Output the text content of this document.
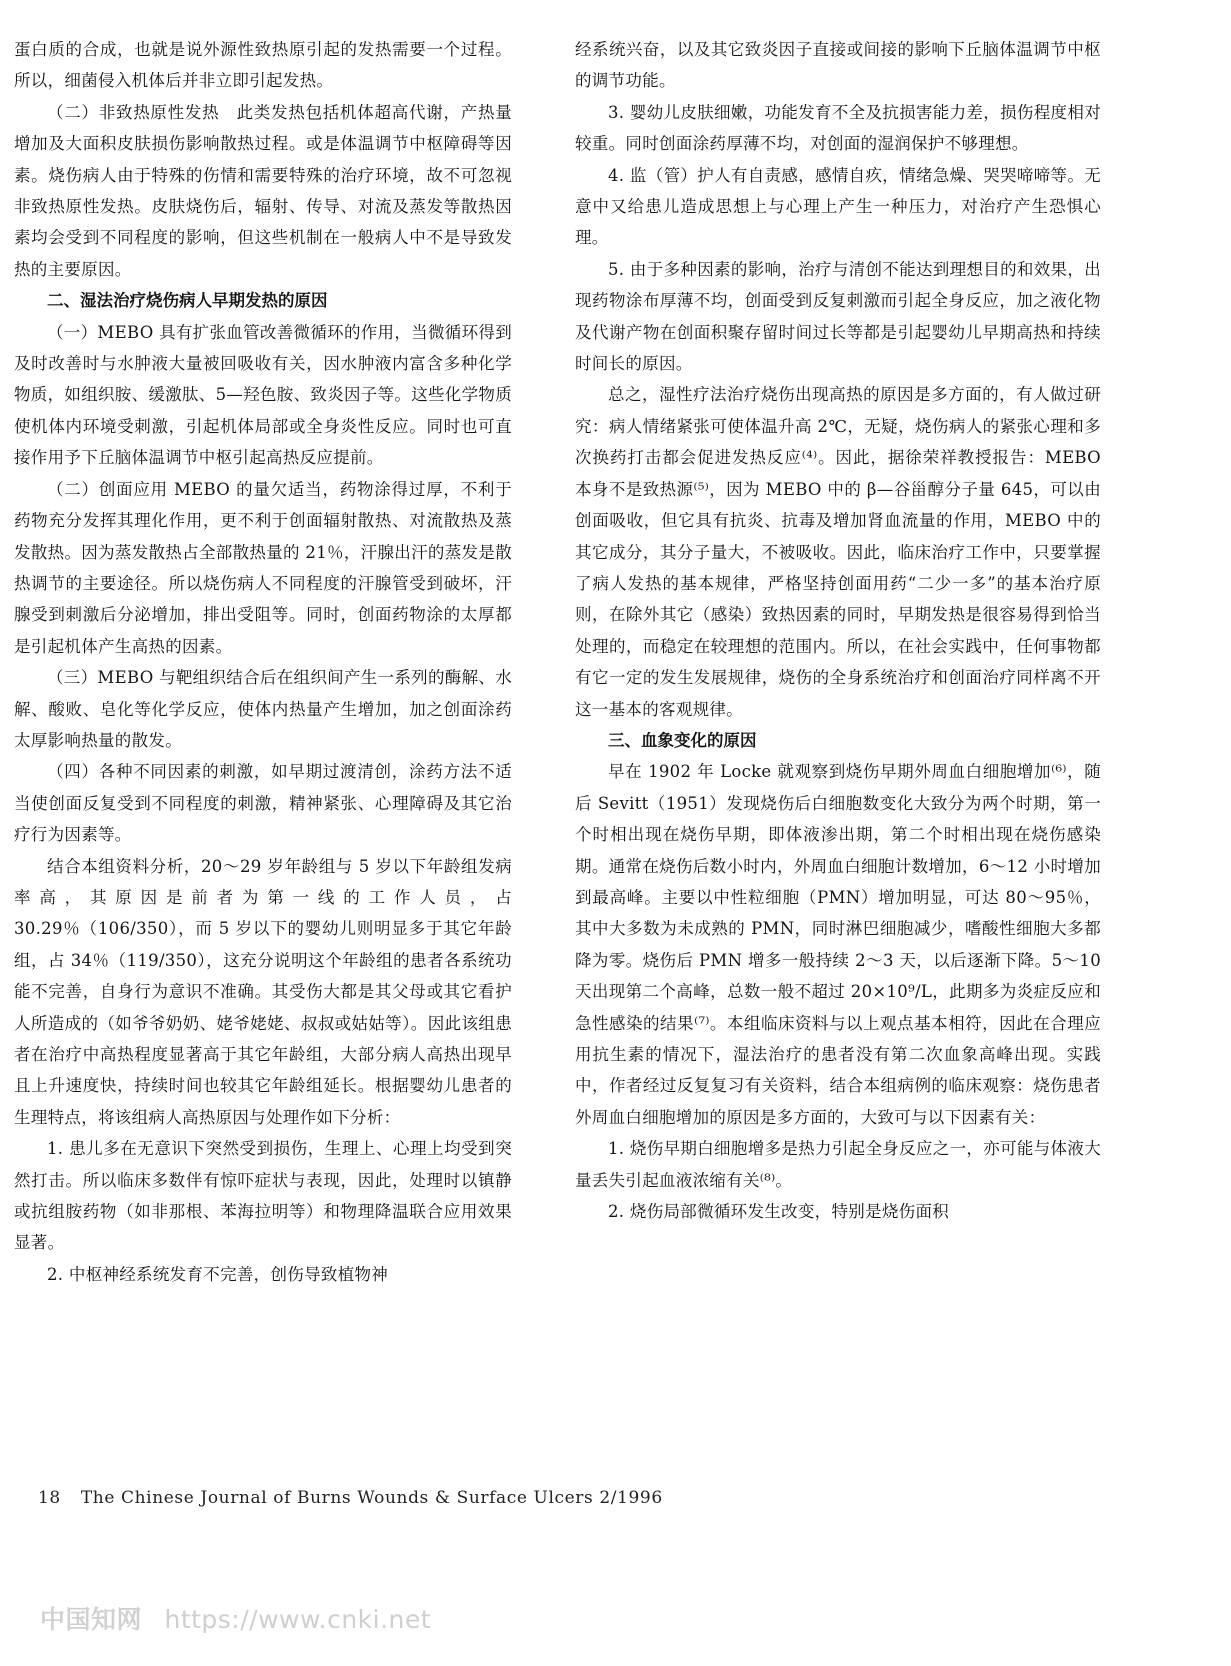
蛋白质的合成，也就是说外源性致热原引起的发热需要一个过程。所以，细菌侵入机体后并非立即引起发热。

（二）非致热原性发热　此类发热包括机体超高代谢，产热量增加及大面积皮肤损伤影响散热过程。或是体温调节中枢障碍等因素。烧伤病人由于特殊的伤情和需要特殊的治疗环境，故不可忽视非致热原性发热。皮肤烧伤后，辐射、传导、对流及蒸发等散热因素均会受到不同程度的影响，但这些机制在一般病人中不是导致发热的主要原因。

二、湿法治疗烧伤病人早期发热的原因

（一）MEBO 具有扩张血管改善微循环的作用，当微循环得到及时改善时与水肿液大量被回吸收有关，因水肿液内富含多种化学物质，如组织胺、缓激肽、5—羟色胺、致炎因子等。这些化学物质使机体内环境受刺激，引起机体局部或全身炎性反应。同时也可直接作用予下丘脑体温调节中枢引起高热反应提前。

（二）创面应用 MEBO 的量欠适当，药物涂得过厚，不利于药物充分发挥其理化作用，更不利于创面辐射散热、对流散热及蒸发散热。因为蒸发散热占全部散热量的 21％，汗腺出汗的蒸发是散热调节的主要途径。所以烧伤病人不同程度的汗腺管受到破坏，汗腺受到刺激后分泌增加，排出受阻等。同时，创面药物涂的太厚都是引起机体产生高热的因素。

（三）MEBO 与靶组织结合后在组织间产生一系列的酶解、水解、酸败、皂化等化学反应，使体内热量产生增加，加之创面涂药太厚影响热量的散发。

（四）各种不同因素的刺激，如早期过渡清创，涂药方法不适当使创面反复受到不同程度的刺激，精神紧张、心理障碍及其它治疗行为因素等。

结合本组资料分析，20～29 岁年龄组与 5 岁以下年龄组发病率高，其原因是前者为第一线的工作人员，占 30.29％（106/350），而 5 岁以下的婴幼儿则明显多于其它年龄组，占 34％（119/350），这充分说明这个年龄组的患者各系统功能不完善，自身行为意识不准确。其受伤大都是其父母或其它看护人所造成的（如爷爷奶奶、姥爷姥姥、叔叔或姑姑等）。因此该组患者在治疗中高热程度显著高于其它年龄组，大部分病人高热出现早且上升速度快，持续时间也较其它年龄组延长。根据婴幼儿患者的生理特点，将该组病人高热原因与处理作如下分析：

1. 患儿多在无意识下突然受到损伤，生理上、心理上均受到突然打击。所以临床多数伴有惊吓症状与表现，因此，处理时以镇静或抗组胺药物（如非那根、苯海拉明等）和物理降温联合应用效果显著。

2. 中枢神经系统发育不完善，创伤导致植物神

经系统兴奋，以及其它致炎因子直接或间接的影响下丘脑体温调节中枢的调节功能。

3. 婴幼儿皮肤细嫩，功能发育不全及抗损害能力差，损伤程度相对较重。同时创面涂药厚薄不均，对创面的湿润保护不够理想。

4. 监（管）护人有自责感，感情自疚，情绪急燥、哭哭啼啼等。无意中又给患儿造成思想上与心理上产生一种压力，对治疗产生恐惧心理。

5. 由于多种因素的影响，治疗与清创不能达到理想目的和效果，出现药物涂布厚薄不均，创面受到反复刺激而引起全身反应，加之液化物及代谢产物在创面积聚存留时间过长等都是引起婴幼儿早期高热和持续时间长的原因。

总之，湿性疗法治疗烧伤出现高热的原因是多方面的，有人做过研究：病人情绪紧张可使体温升高 2℃，无疑，烧伤病人的紧张心理和多次换药打击都会促进发热反应⁽⁴⁾。因此，据徐荣祥教授报告：MEBO 本身不是致热源⁽⁵⁾，因为 MEBO 中的 β—谷甾醇分子量 645，可以由创面吸收，但它具有抗炎、抗毒及增加肾血流量的作用，MEBO 中的其它成分，其分子量大，不被吸收。因此，临床治疗工作中，只要掌握了病人发热的基本规律，严格坚持创面用药“二少一多”的基本治疗原则，在除外其它（感染）致热因素的同时，早期发热是很容易得到恰当处理的，而稳定在较理想的范围内。所以，在社会实践中，任何事物都有它一定的发生发展规律，烧伤的全身系统治疗和创面治疗同样离不开这一基本的客观规律。

三、血象变化的原因

早在 1902 年 Locke 就观察到烧伤早期外周血白细胞增加⁽⁶⁾，随后 Sevitt（1951）发现烧伤后白细胞数变化大致分为两个时期，第一个时相出现在烧伤早期，即体液渗出期，第二个时相出现在烧伤感染期。通常在烧伤后数小时内，外周血白细胞计数增加，6～12 小时增加到最高峰。主要以中性粒细胞（PMN）增加明显，可达 80～95％，其中大多数为未成熟的 PMN，同时淋巴细胞减少，嗜酸性细胞大多都降为零。烧伤后 PMN 增多一般持续 2～3 天，以后逐渐下降。5～10 天出现第二个高峰，总数一般不超过 20×10⁹/L，此期多为炎症反应和急性感染的结果⁽⁷⁾。本组临床资料与以上观点基本相符，因此在合理应用抗生素的情况下，湿法治疗的患者没有第二次血象高峰出现。实践中，作者经过反复复习有关资料，结合本组病例的临床观察：烧伤患者外周血白细胞增加的原因是多方面的，大致可与以下因素有关：

1. 烧伤早期白细胞增多是热力引起全身反应之一，亦可能与体液大量丢失引起血液浓缩有关⁽⁸⁾。

2. 烧伤局部微循环发生改变，特别是烧伤面积

18 The Chinese Journal of Burns Wounds & Surface Ulcers 2/1996
中国知网 https://www.cnki.net
